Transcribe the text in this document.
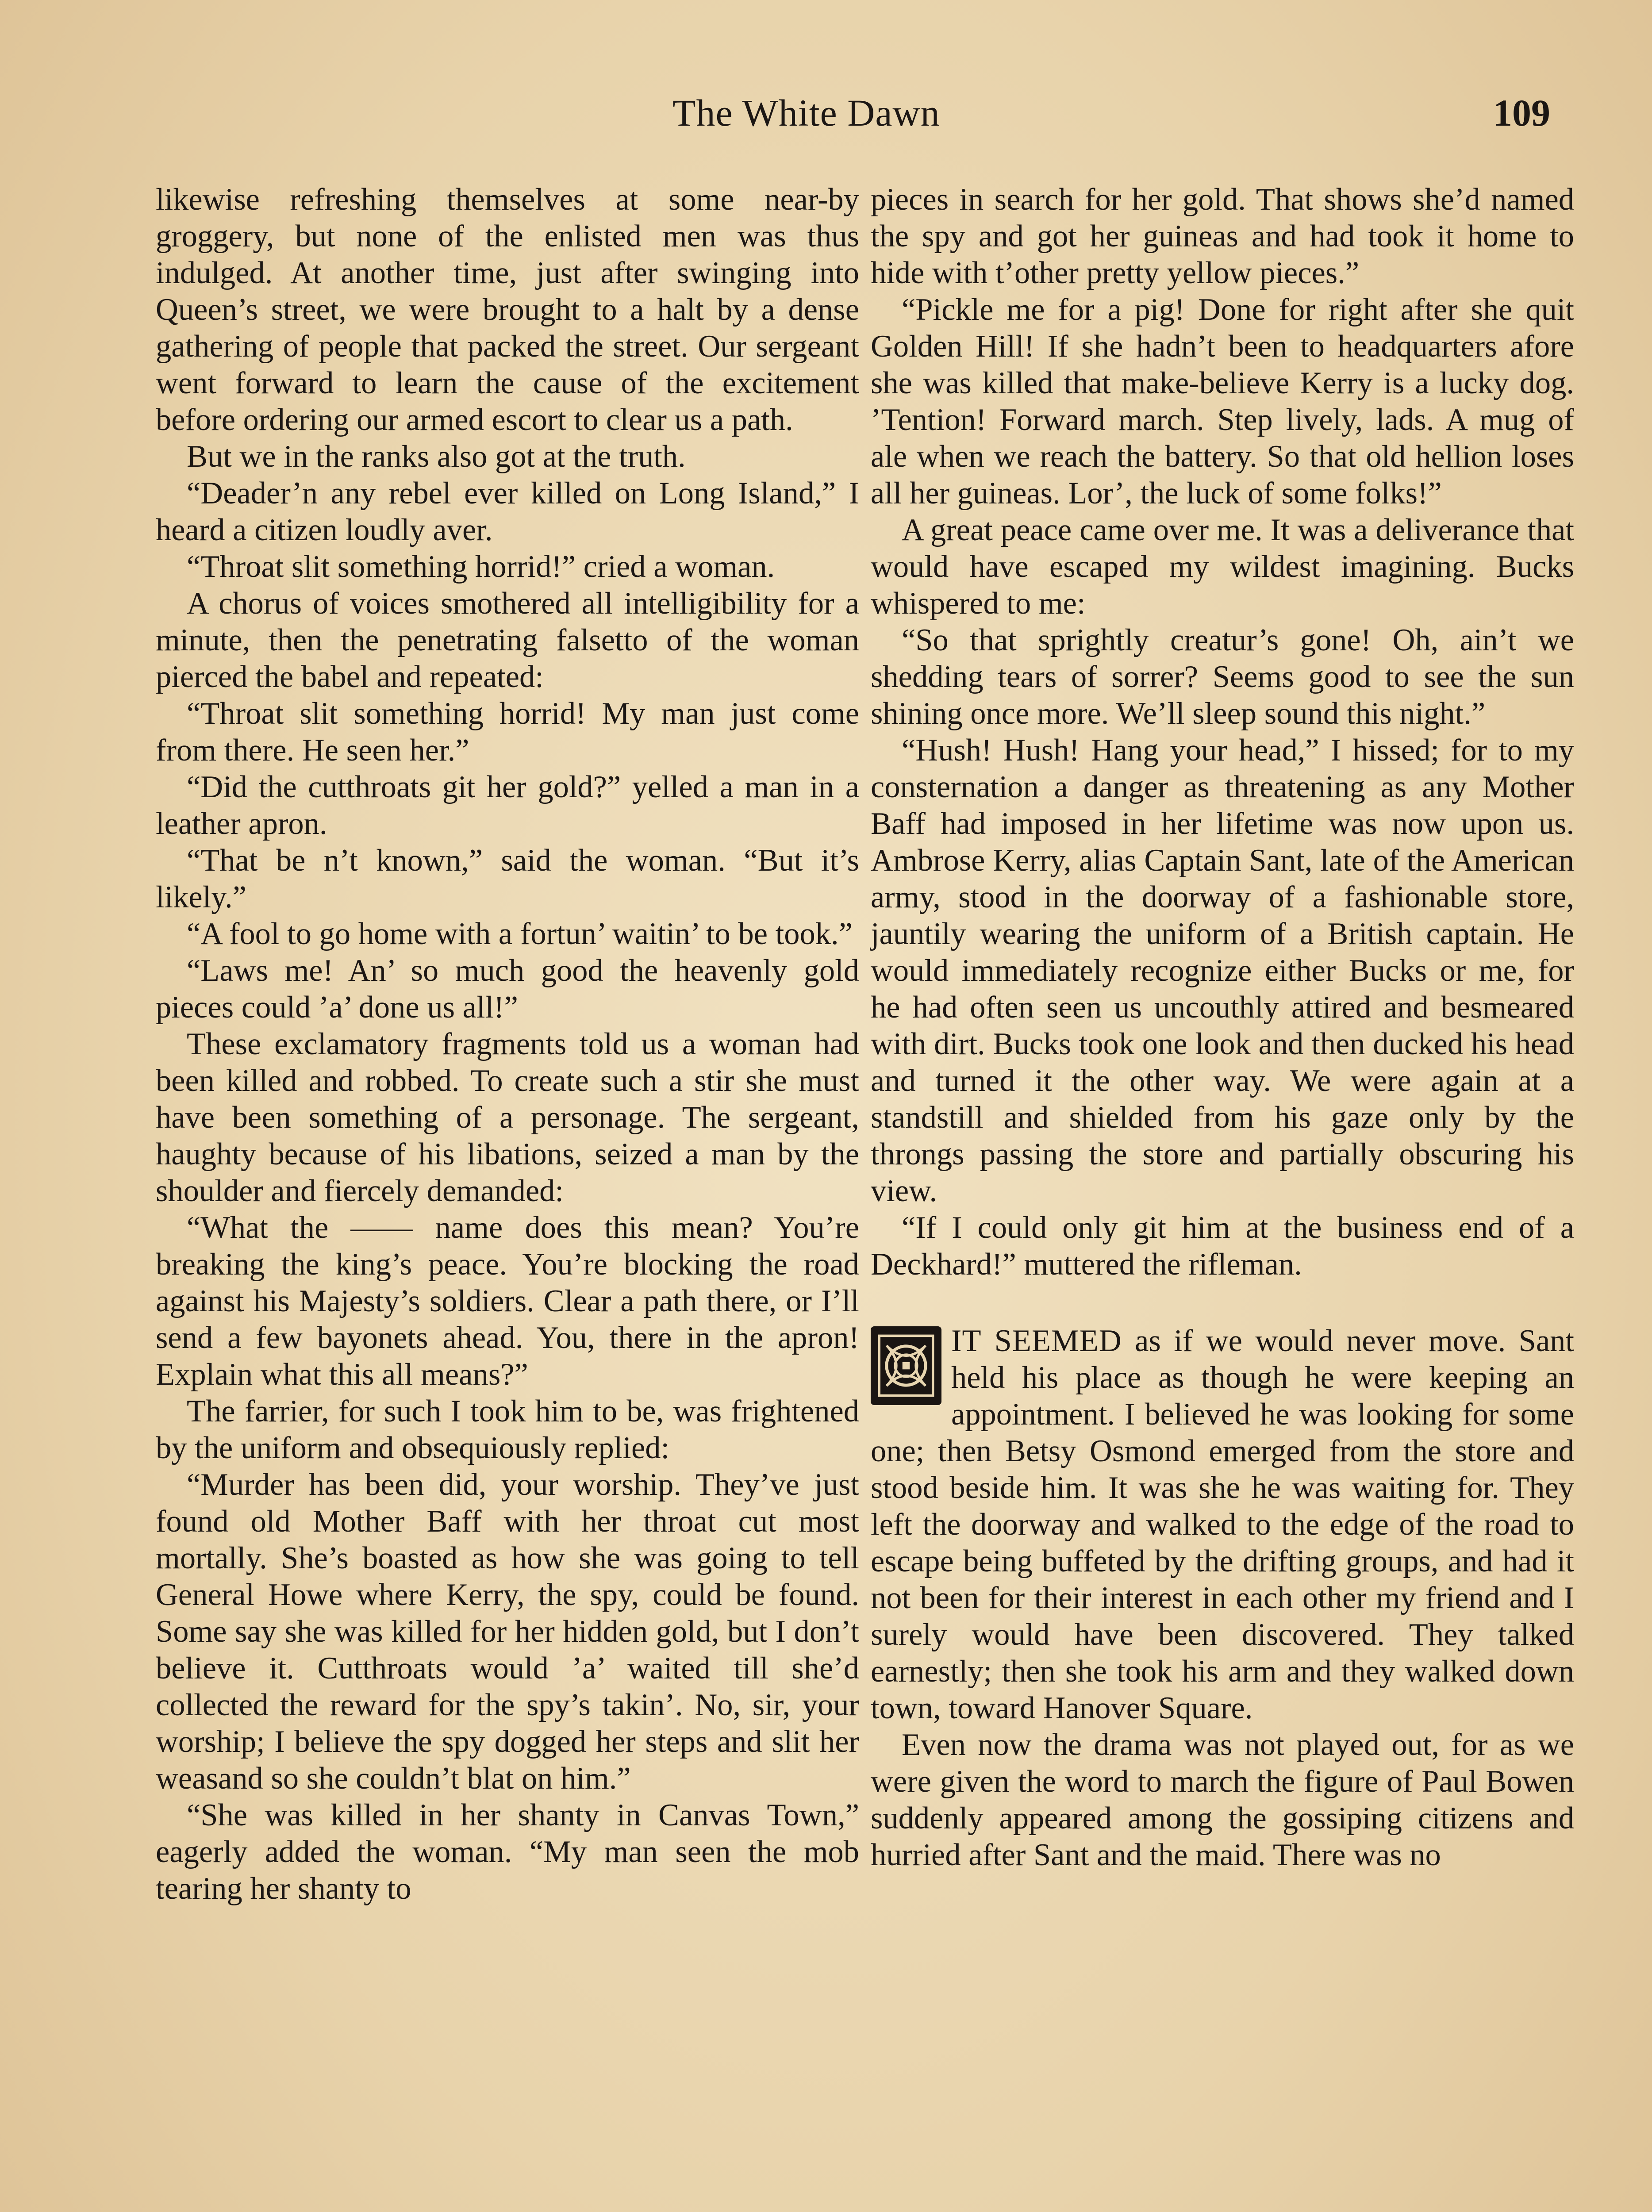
The White Dawn	109

likewise refreshing themselves at some near-by groggery, but none of the enlisted men was thus indulged. At another time, just after swinging into Queen’s street, we were brought to a halt by a dense gathering of people that packed the street. Our sergeant went forward to learn the cause of the excitement before ordering our armed escort to clear us a path.

But we in the ranks also got at the truth.

“Deader’n any rebel ever killed on Long Island,” I heard a citizen loudly aver.

“Throat slit something horrid!” cried a woman.

A chorus of voices smothered all intelligibility for a minute, then the penetrating falsetto of the woman pierced the babel and repeated:

“Throat slit something horrid! My man just come from there. He seen her.”

“Did the cutthroats git her gold?” yelled a man in a leather apron.

“That be n’t known,” said the woman. “But it’s likely.”

“A fool to go home with a fortun’ waitin’ to be took.”

“Laws me! An’ so much good the heavenly gold pieces could ’a’ done us all!”

These exclamatory fragments told us a woman had been killed and robbed. To create such a stir she must have been something of a personage. The sergeant, haughty because of his libations, seized a man by the shoulder and fiercely demanded:

“What the —— name does this mean? You’re breaking the king’s peace. You’re blocking the road against his Majesty’s soldiers. Clear a path there, or I’ll send a few bayonets ahead. You, there in the apron! Explain what this all means?”

The farrier, for such I took him to be, was frightened by the uniform and obsequiously replied:

“Murder has been did, your worship. They’ve just found old Mother Baff with her throat cut most mortally. She’s boasted as how she was going to tell General Howe where Kerry, the spy, could be found. Some say she was killed for her hidden gold, but I don’t believe it. Cutthroats would ’a’ waited till she’d collected the reward for the spy’s takin’. No, sir, your worship; I believe the spy dogged her steps and slit her weasand so she couldn’t blat on him.”

“She was killed in her shanty in Canvas Town,” eagerly added the woman. “My man seen the mob tearing her shanty to

pieces in search for her gold. That shows she’d named the spy and got her guineas and had took it home to hide with t’other pretty yellow pieces.”

“Pickle me for a pig! Done for right after she quit Golden Hill! If she hadn’t been to headquarters afore she was killed that make-believe Kerry is a lucky dog. ’Tention! Forward march. Step lively, lads. A mug of ale when we reach the battery. So that old hellion loses all her guineas. Lor’, the luck of some folks!”

A great peace came over me. It was a deliverance that would have escaped my wildest imagining. Bucks whispered to me:

“So that sprightly creatur’s gone! Oh, ain’t we shedding tears of sorrer? Seems good to see the sun shining once more. We’ll sleep sound this night.”

“Hush! Hush! Hang your head,” I hissed; for to my consternation a danger as threatening as any Mother Baff had imposed in her lifetime was now upon us. Ambrose Kerry, alias Captain Sant, late of the American army, stood in the doorway of a fashionable store, jauntily wearing the uniform of a British captain. He would immediately recognize either Bucks or me, for he had often seen us uncouthly attired and besmeared with dirt. Bucks took one look and then ducked his head and turned it the other way. We were again at a standstill and shielded from his gaze only by the throngs passing the store and partially obscuring his view.

“If I could only git him at the business end of a Deckhard!” muttered the rifleman.

IT SEEMED as if we would never move. Sant held his place as though he were keeping an appointment. I believed he was looking for some one; then Betsy Osmond emerged from the store and stood beside him. It was she he was waiting for. They left the doorway and walked to the edge of the road to escape being buffeted by the drifting groups, and had it not been for their interest in each other my friend and I surely would have been discovered. They talked earnestly; then she took his arm and they walked down town, toward Hanover Square.

Even now the drama was not played out, for as we were given the word to march the figure of Paul Bowen suddenly appeared among the gossiping citizens and hurried after Sant and the maid. There was no
